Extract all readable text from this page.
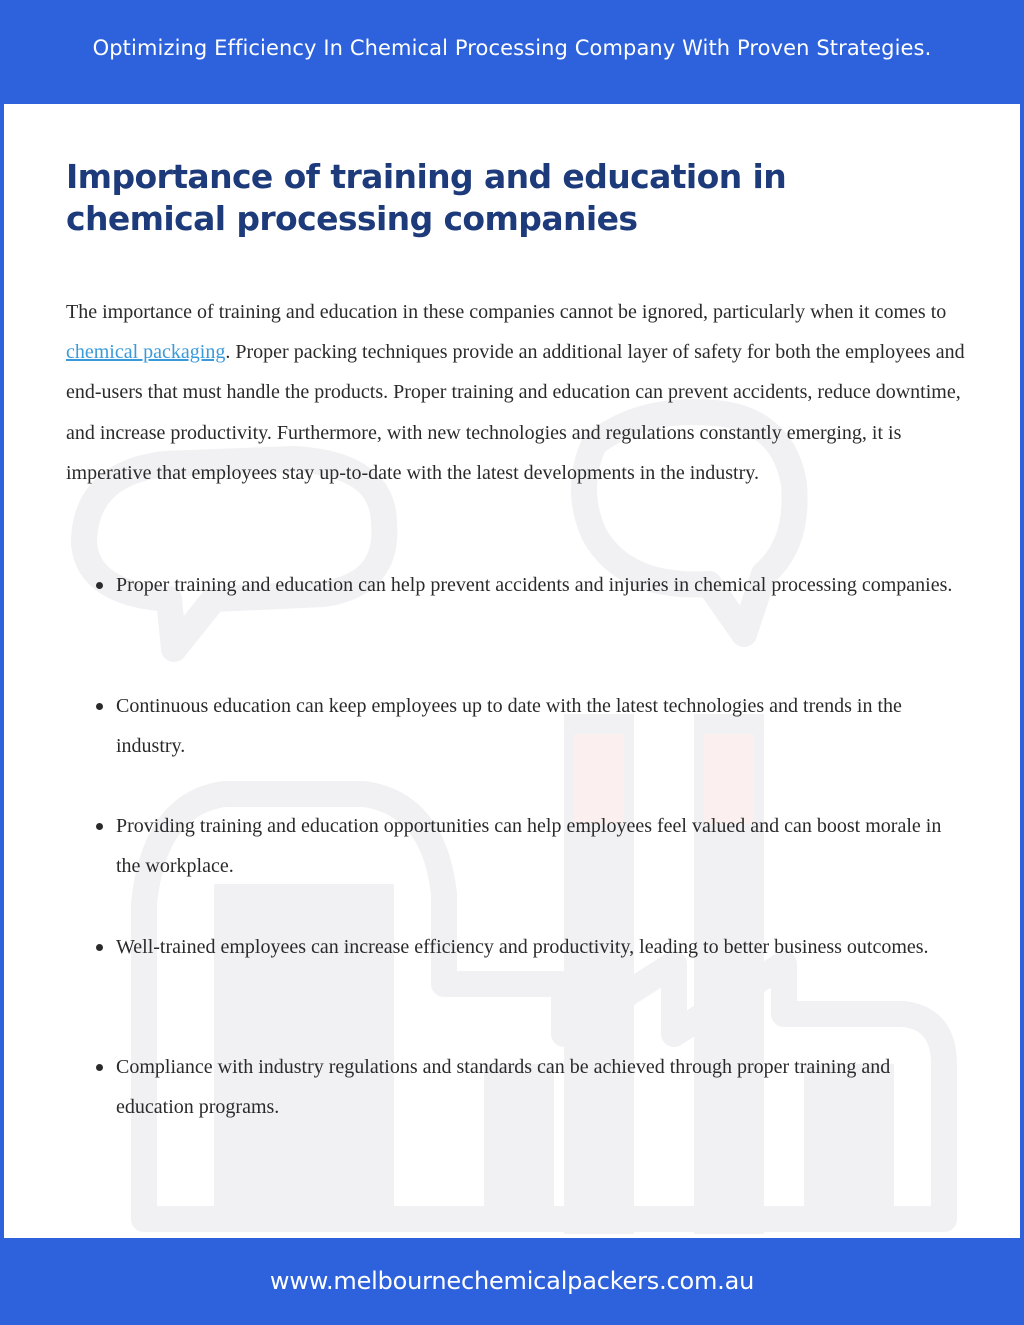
Optimizing Efficiency In Chemical Processing Company With Proven Strategies.
Importance of training and education in chemical processing companies

The importance of training and education in these companies cannot be ignored, particularly when it comes to chemical packaging. Proper packing techniques provide an additional layer of safety for both the employees and end-users that must handle the products. Proper training and education can prevent accidents, reduce downtime, and increase productivity. Furthermore, with new technologies and regulations constantly emerging, it is imperative that employees stay up-to-date with the latest developments in the industry.

Proper training and education can help prevent accidents and injuries in chemical processing companies.
Continuous education can keep employees up to date with the latest technologies and trends in the industry.
Providing training and education opportunities can help employees feel valued and can boost morale in the workplace.
Well-trained employees can increase efficiency and productivity, leading to better business outcomes.
Compliance with industry regulations and standards can be achieved through proper training and education programs.
www.melbournechemicalpackers.com.au
